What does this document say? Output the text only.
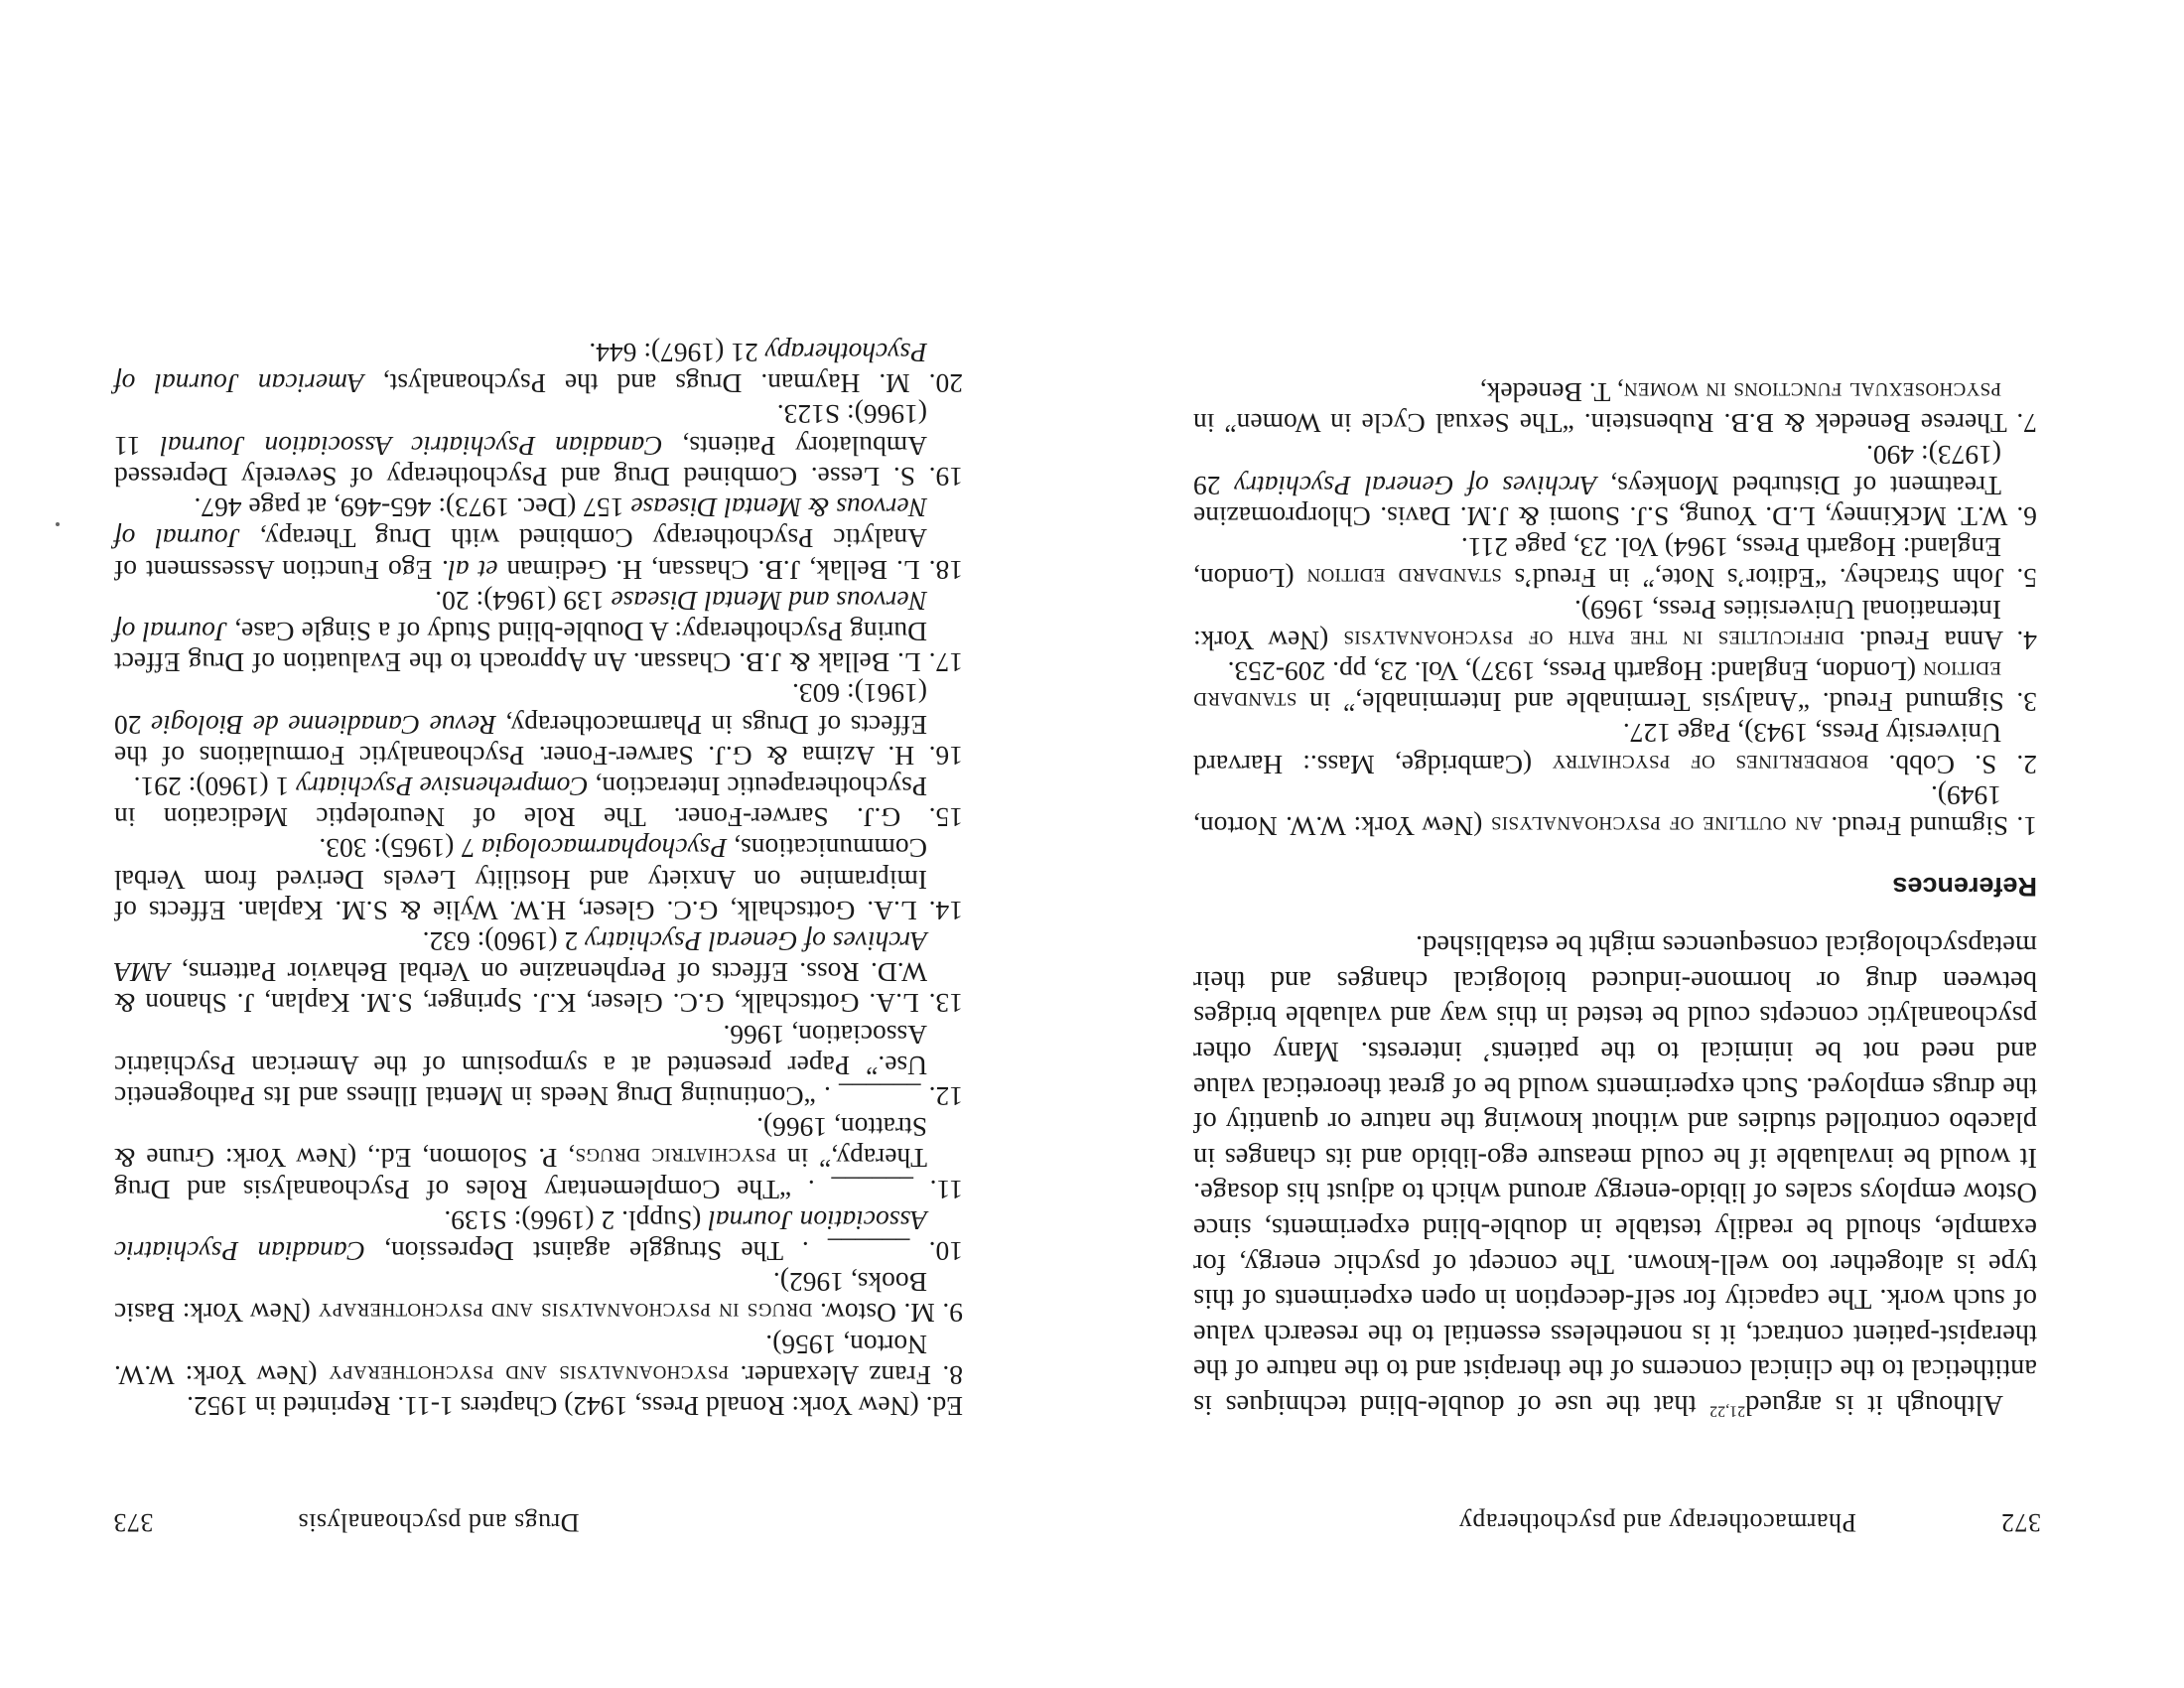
372
Pharmacotherapy and psychotherapy

Although it is argued$^{21,22}$ that the use of double-blind techniques is antithetical to the clinical concerns of the therapist and to the nature of the therapist-patient contract, it is nonetheless essential to the research value of such work. The capacity for self-deception in open experiments of this type is altogether too well-known. The concept of psychic energy, for example, should be readily testable in double-blind experiments, since Ostow employs scales of libido-energy around which to adjust his dosage. It would be invaluable if he could measure ego-libido and its changes in placebo controlled studies and without knowing the nature or quantity of the drugs employed. Such experiments would be of great theoretical value and need not be inimical to the patients’ interests. Many other psychoanalytic concepts could be tested in this way and valuable bridges between drug or hormone-induced biological changes and their metapsychological consequences might be established.

References
1. Sigmund Freud. an outline of psychoanalysis (New York: W.W. Norton, 1949).
2. S. Cobb. borderlines of psychiatry (Cambridge, Mass.: Harvard University Press, 1943), Page 127.
3. Sigmund Freud. “Analysis Terminable and Interminable,” in standard edition (London, England: Hogarth Press, 1937), Vol. 23, pp. 209-253.
4. Anna Freud. difficulties in the path of psychoanalysis (New York: International Universities Press, 1969).
5. John Strachey. “Editor’s Note,” in Freud’s standard edition (London, England: Hogarth Press, 1964) Vol. 23, page 211.
6. W.T. McKinney, L.D. Young, S.J. Suomi & J.M. Davis. Chlorpromazine Treatment of Disturbed Monkeys, Archives of General Psychiatry 29 (1973): 490.
7. Therese Benedek & B.B. Rubenstein. “The Sexual Cycle in Women” in psychosexual functions in women, T. Benedek,
373	Drugs and psychoanalysis
Ed. (New York: Ronald Press, 1942) Chapters 1-11. Reprinted in 1952.
8. Franz Alexander. psychoanalysis and psychotherapy (New York: W.W. Norton, 1956).
9. M. Ostow. drugs in psychoanalysis and psychotherapy (New York: Basic Books, 1962).
10. ______ . The Struggle against Depression, Canadian Psychiatric Association Journal (Suppl. 2 (1966): S139.
11. ______ . “The Complementary Roles of Psychoanalysis and Drug Therapy,” in psychiatric drugs, P. Solomon, Ed., (New York: Grune & Stratton, 1966).
12. ______ . “Continuing Drug Needs in Mental Illness and Its Pathogenetic Use.” Paper presented at a symposium of the American Psychiatric Association, 1966.
13. L.A. Gottschalk, G.C. Gleser, K.J. Springer, S.M. Kaplan, J. Shanon & W.D. Ross. Effects of Perphenazine on Verbal Behavior Patterns, AMA Archives of General Psychiatry 2 (1960): 632.
14. L.A. Gottschalk, G.C. Gleser, H.W. Wylie & S.M. Kaplan. Effects of Imipramine on Anxiety and Hostility Levels Derived from Verbal Communications, Psychopharmacologia 7 (1965): 303.
15. G.J. Sarwer-Foner. The Role of Neuroleptic Medication in Psychotherapeutic Interaction, Comprehensive Psychiatry 1 (1960): 291.
16. H. Azima & G.J. Sarwer-Foner. Psychoanalytic Formulations of the Effects of Drugs in Pharmacotherapy, Revue Canadienne de Biologie 20 (1961): 603.
17. L. Bellak & J.B. Chassan. An Approach to the Evaluation of Drug Effect During Psychotherapy: A Double-blind Study of a Single Case, Journal of Nervous and Mental Disease 139 (1964): 20.
18. L. Bellak, J.B. Chassan, H. Gediman et al. Ego Function Assessment of Analytic Psychotherapy Combined with Drug Therapy, Journal of Nervous & Mental Disease 157 (Dec. 1973): 465-469, at page 467.
19. S. Lesse. Combined Drug and Psychotherapy of Severely Depressed Ambulatory Patients, Canadian Psychiatric Association Journal 11 (1966): S123.
20. M. Hayman. Drugs and the Psychoanalyst, American Journal of Psychotherapy 21 (1967): 644.
